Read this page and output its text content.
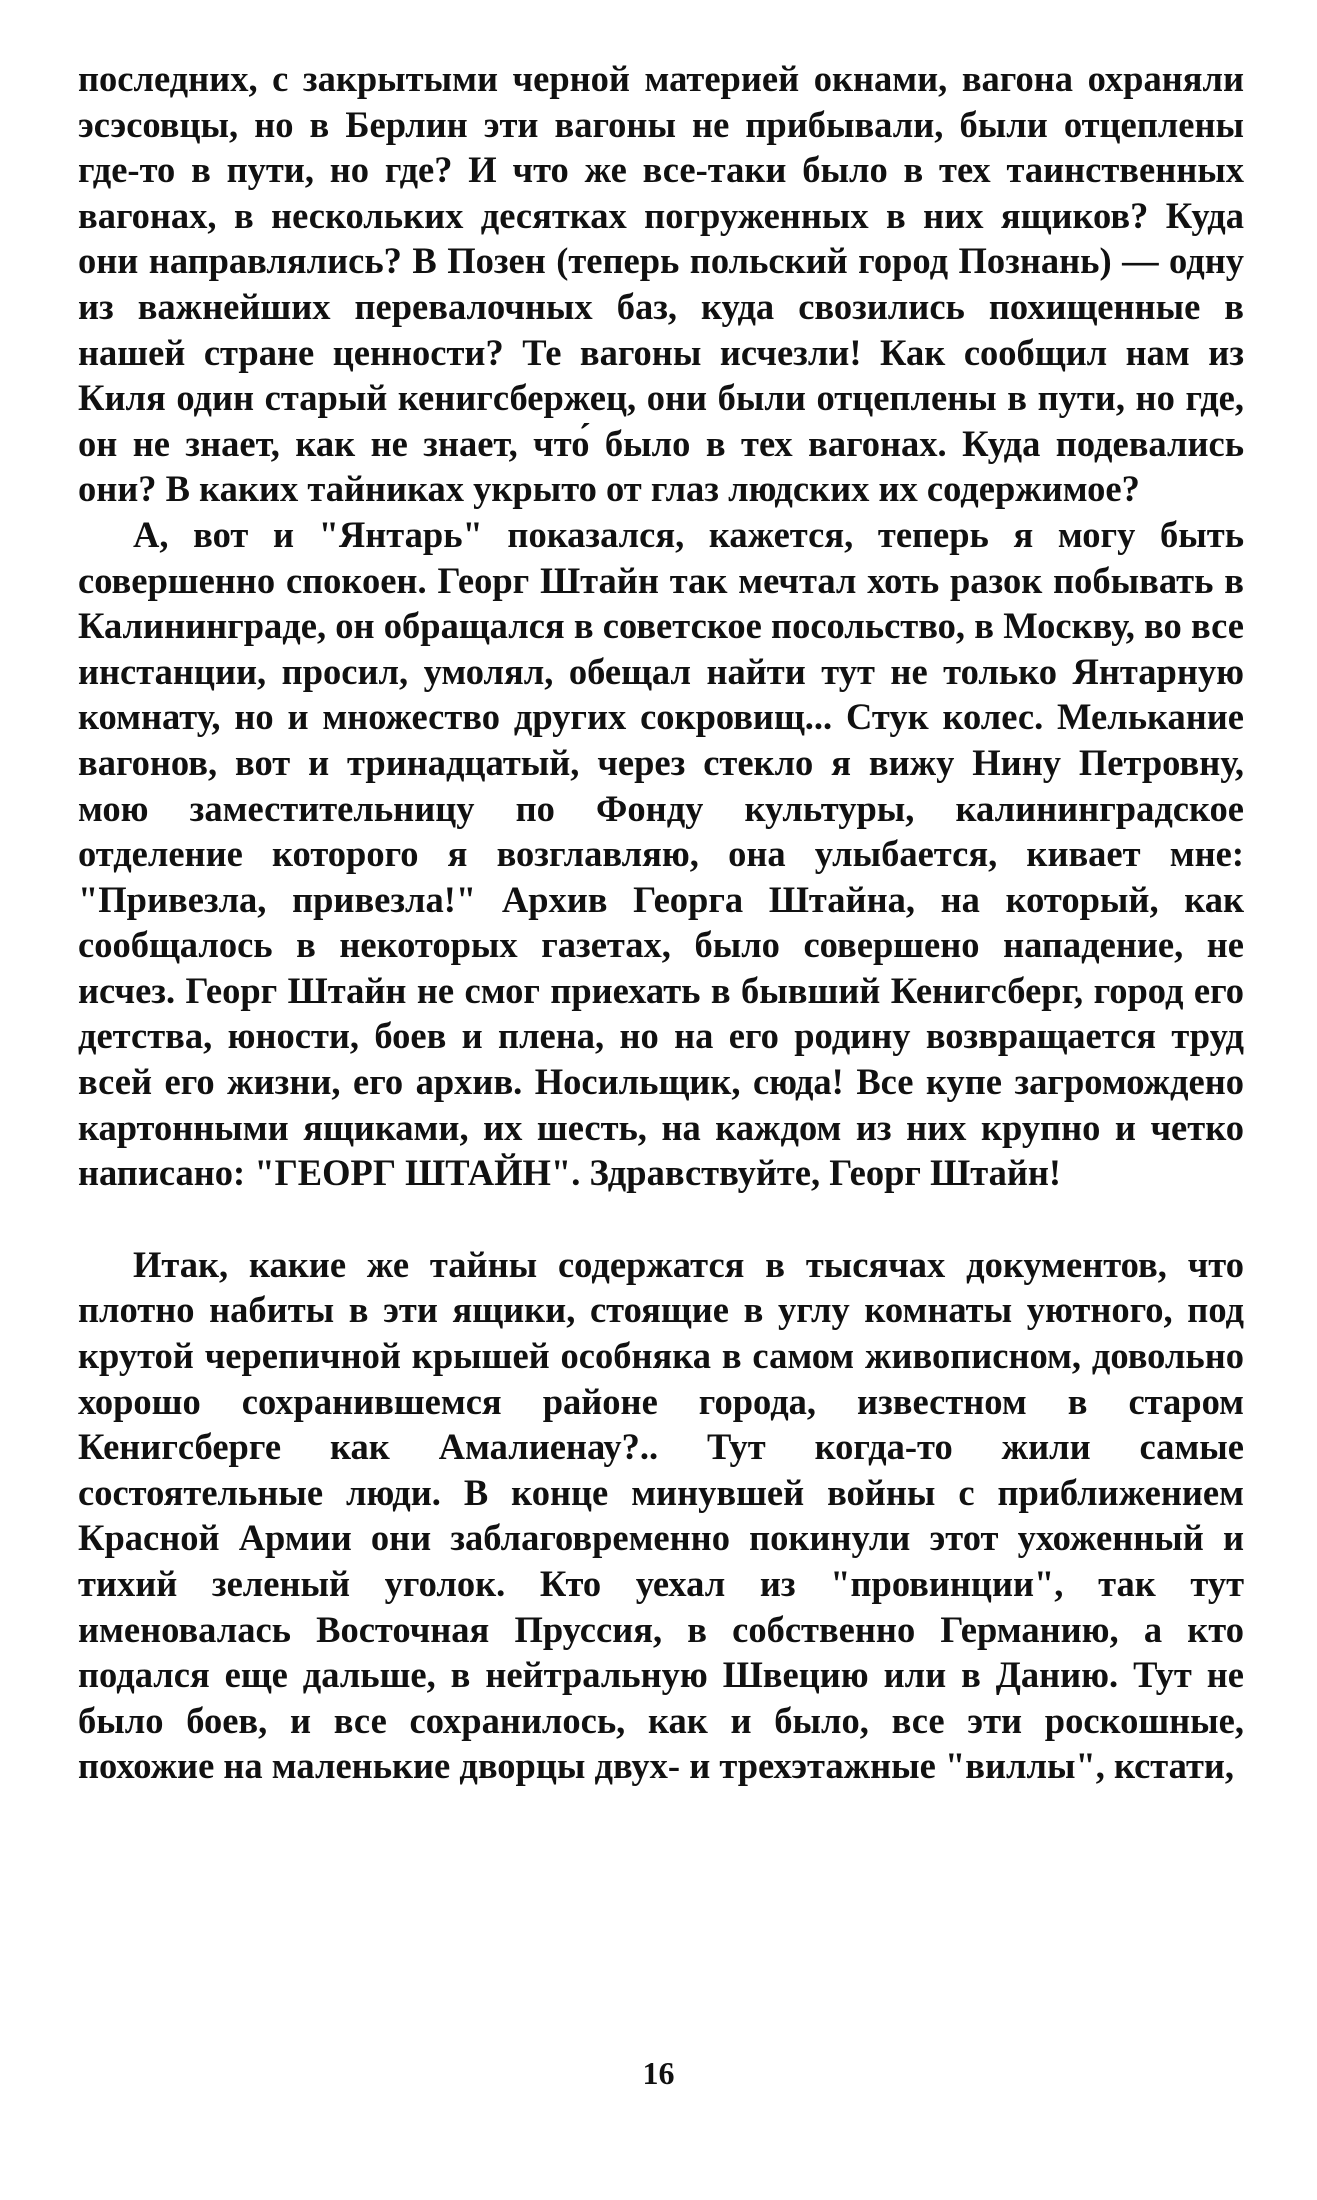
последних, с закрытыми черной материей окнами, вагона охраняли эсэсовцы, но в Берлин эти вагоны не прибывали, были отцеплены где-то в пути, но где? И что же все-таки было в тех таинственных вагонах, в нескольких десятках погруженных в них ящиков? Куда они направлялись? В Позен (теперь польский город Познань) — одну из важнейших перевалочных баз, куда свозились похищенные в нашей стране ценности? Те вагоны исчезли! Как сообщил нам из Киля один старый кенигсбержец, они были отцеплены в пути, но где, он не знает, как не знает, что́ было в тех вагонах. Куда подевались они? В каких тайниках укрыто от глаз людских их содержимое?

А, вот и "Янтарь" показался, кажется, теперь я могу быть совершенно спокоен. Георг Штайн так мечтал хоть разок побывать в Калининграде, он обращался в советское посольство, в Москву, во все инстанции, просил, умолял, обещал найти тут не только Янтарную комнату, но и множество других сокровищ... Стук колес. Мелькание вагонов, вот и тринадцатый, через стекло я вижу Нину Петровну, мою заместительницу по Фонду культуры, калининградское отделение которого я возглавляю, она улыбается, кивает мне: "Привезла, привезла!" Архив Георга Штайна, на который, как сообщалось в некоторых газетах, было совершено нападение, не исчез. Георг Штайн не смог приехать в бывший Кенигсберг, город его детства, юности, боев и плена, но на его родину возвращается труд всей его жизни, его архив. Носильщик, сюда! Все купе загромождено картонными ящиками, их шесть, на каждом из них крупно и четко написано: "ГЕОРГ ШТАЙН". Здравствуйте, Георг Штайн!

Итак, какие же тайны содержатся в тысячах документов, что плотно набиты в эти ящики, стоящие в углу комнаты уютного, под крутой черепичной крышей особняка в самом живописном, довольно хорошо сохранившемся районе города, известном в старом Кенигсберге как Амалиенау?.. Тут когда-то жили самые состоятельные люди. В конце минувшей войны с приближением Красной Армии они заблаговременно покинули этот ухоженный и тихий зеленый уголок. Кто уехал из "провинции", так тут именовалась Восточная Пруссия, в собственно Германию, а кто подался еще дальше, в нейтральную Швецию или в Данию. Тут не было боев, и все сохранилось, как и было, все эти роскошные, похожие на маленькие дворцы двух- и трехэтажные "виллы", кстати,

16
